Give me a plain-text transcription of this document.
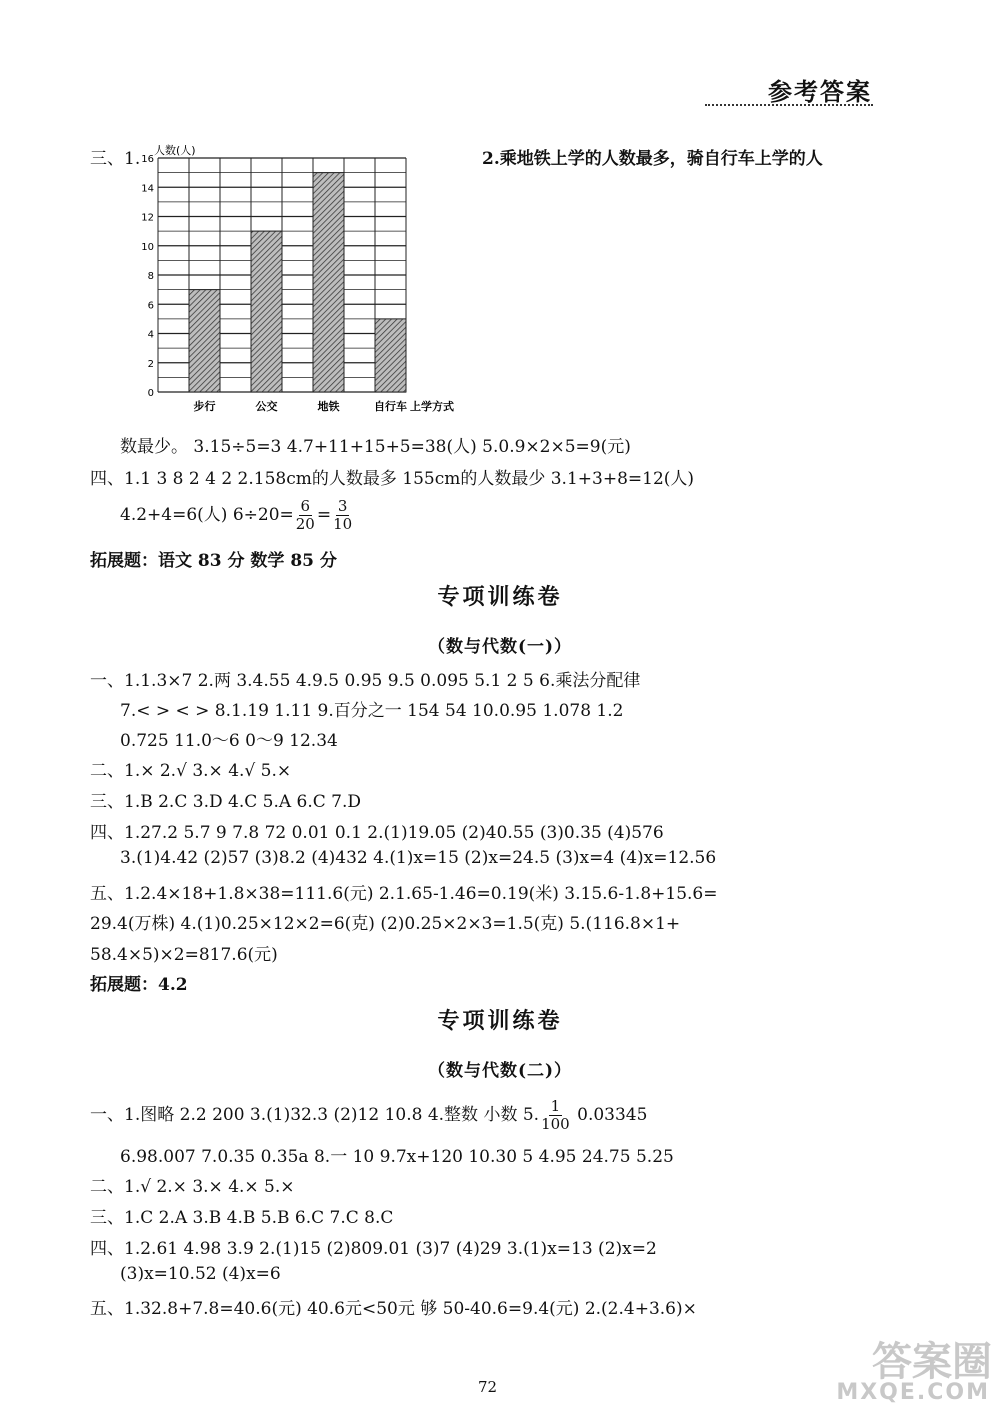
参考答案
三、1.
0
2
4
6
8
10
12
14
16
步行	公交	地铁	自行车
人数(人)
上学方式
2.乘地铁上学的人数最多，骑自行车上学的人
数最少。 3.15÷5=3 4.7+11+15+5=38(人) 5.0.9×2×5=9(元)
四、1.1 3 8 2 4 2 2.158cm的人数最多 155cm的人数最少 3.1+3+8=12(人)
4.2+4=6(人) $6\div 20= \frac{6}{20} = \frac{3}{10}$
拓展题：语文 83 分 数学 85 分
专项训练卷
（数与代数(一)）
一、1.1.3×7 2.两 3.4.55 4.9.5 0.95 9.5 0.095 5.1 2 5 6.乘法分配律
7.< > < > 8.1.19 1.11 9.百分之一 154 54 10.0.95 1.078 1.2
0.725 11.0～6 0～9 12.34
二、1.× 2.√ 3.× 4.√ 5.×
三、1.B 2.C 3.D 4.C 5.A 6.C 7.D
四、1.27.2 5.7 9 7.8 72 0.01 0.1 2.(1)19.05 (2)40.55 (3)0.35 (4)576
3.(1)4.42 (2)57 (3)8.2 (4)432 4.(1)x=15 (2)x=24.5 (3)x=4 (4)x=12.56
五、1.2.4×18+1.8×38=111.6(元) 2.1.65-1.46=0.19(米) 3.15.6-1.8+15.6=
29.4(万株) 4.(1)0.25×12×2=6(克) (2)0.25×2×3=1.5(克) 5.(116.8×1+
58.4×5)×2=817.6(元)
拓展题：4.2
专项训练卷
（数与代数(二)）
一、1.图略 2.2 200 3.(1)32.3 (2)12 10.8 4.整数 小数 5. $\frac{1}{100} 0.03345$
6.98.007 7.0.35 0.35a 8.一 10 9.7x+120 10.30 5 4.95 24.75 5.25
二、1.√ 2.× 3.× 4.× 5.×
三、1.C 2.A 3.B 4.B 5.B 6.C 7.C 8.C
四、1.2.61 4.98 3.9 2.(1)15 (2)809.01 (3)7 (4)29 3.(1)x=13 (2)x=2
(3)x=10.52 (4)x=6
五、1.32.8+7.8=40.6(元) 40.6元<50元 够 50-40.6=9.4(元) 2.(2.4+3.6)×
72
答案圈
MXQE.COM
